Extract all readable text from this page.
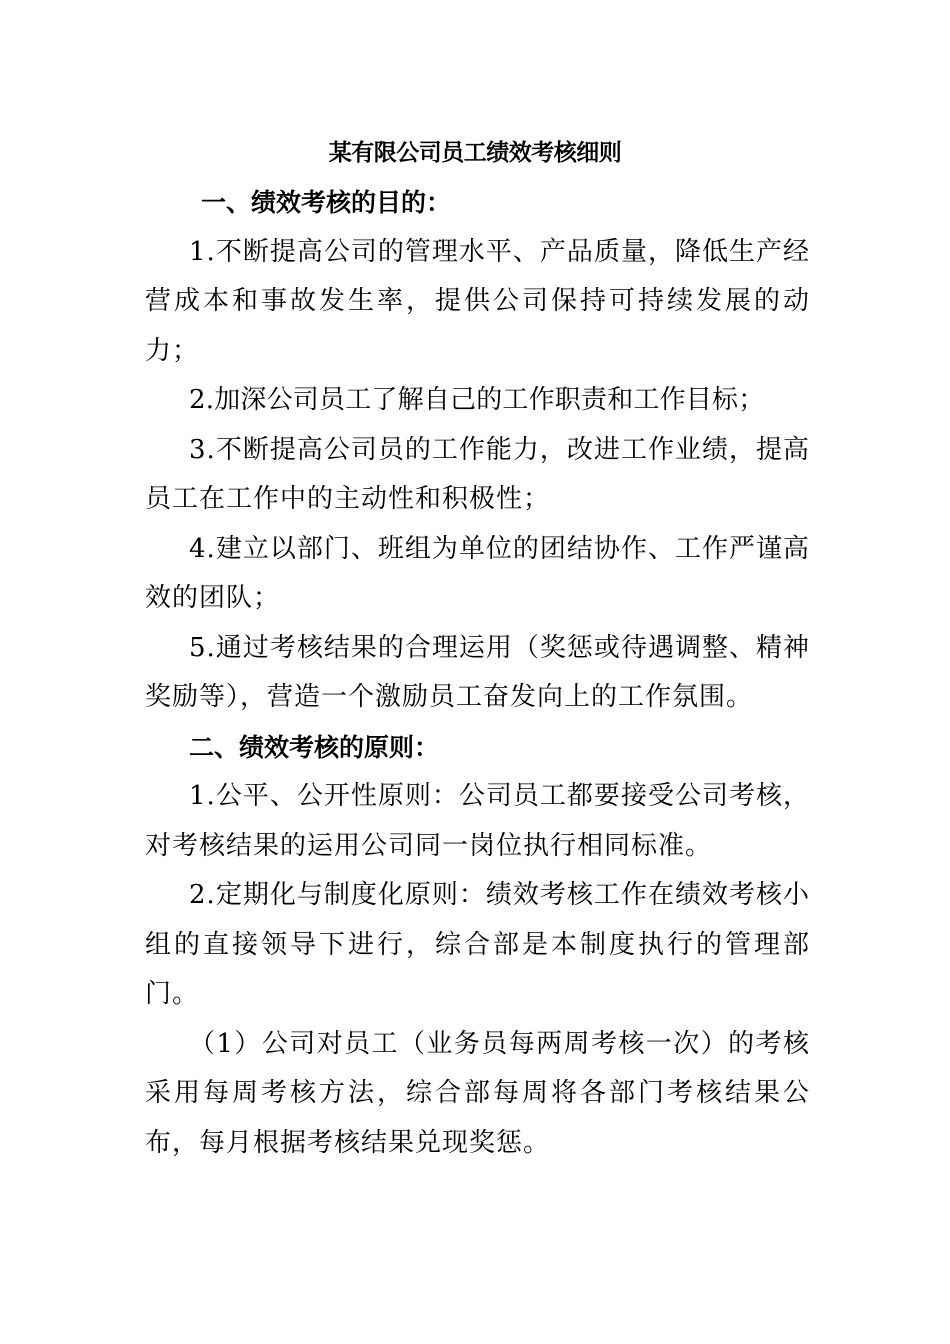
某有限公司员工绩效考核细则

一、绩效考核的目的：

1.不断提高公司的管理水平、产品质量，降低生产经营成本和事故发生率，提供公司保持可持续发展的动力；

2.加深公司员工了解自己的工作职责和工作目标；

3.不断提高公司员的工作能力，改进工作业绩，提高员工在工作中的主动性和积极性；

4.建立以部门、班组为单位的团结协作、工作严谨高效的团队；

5.通过考核结果的合理运用（奖惩或待遇调整、精神奖励等），营造一个激励员工奋发向上的工作氛围。

二、绩效考核的原则：

1.公平、公开性原则：公司员工都要接受公司考核，对考核结果的运用公司同一岗位执行相同标准。

2.定期化与制度化原则：绩效考核工作在绩效考核小组的直接领导下进行，综合部是本制度执行的管理部门。

（1）公司对员工（业务员每两周考核一次）的考核采用每周考核方法，综合部每周将各部门考核结果公布，每月根据考核结果兑现奖惩。
